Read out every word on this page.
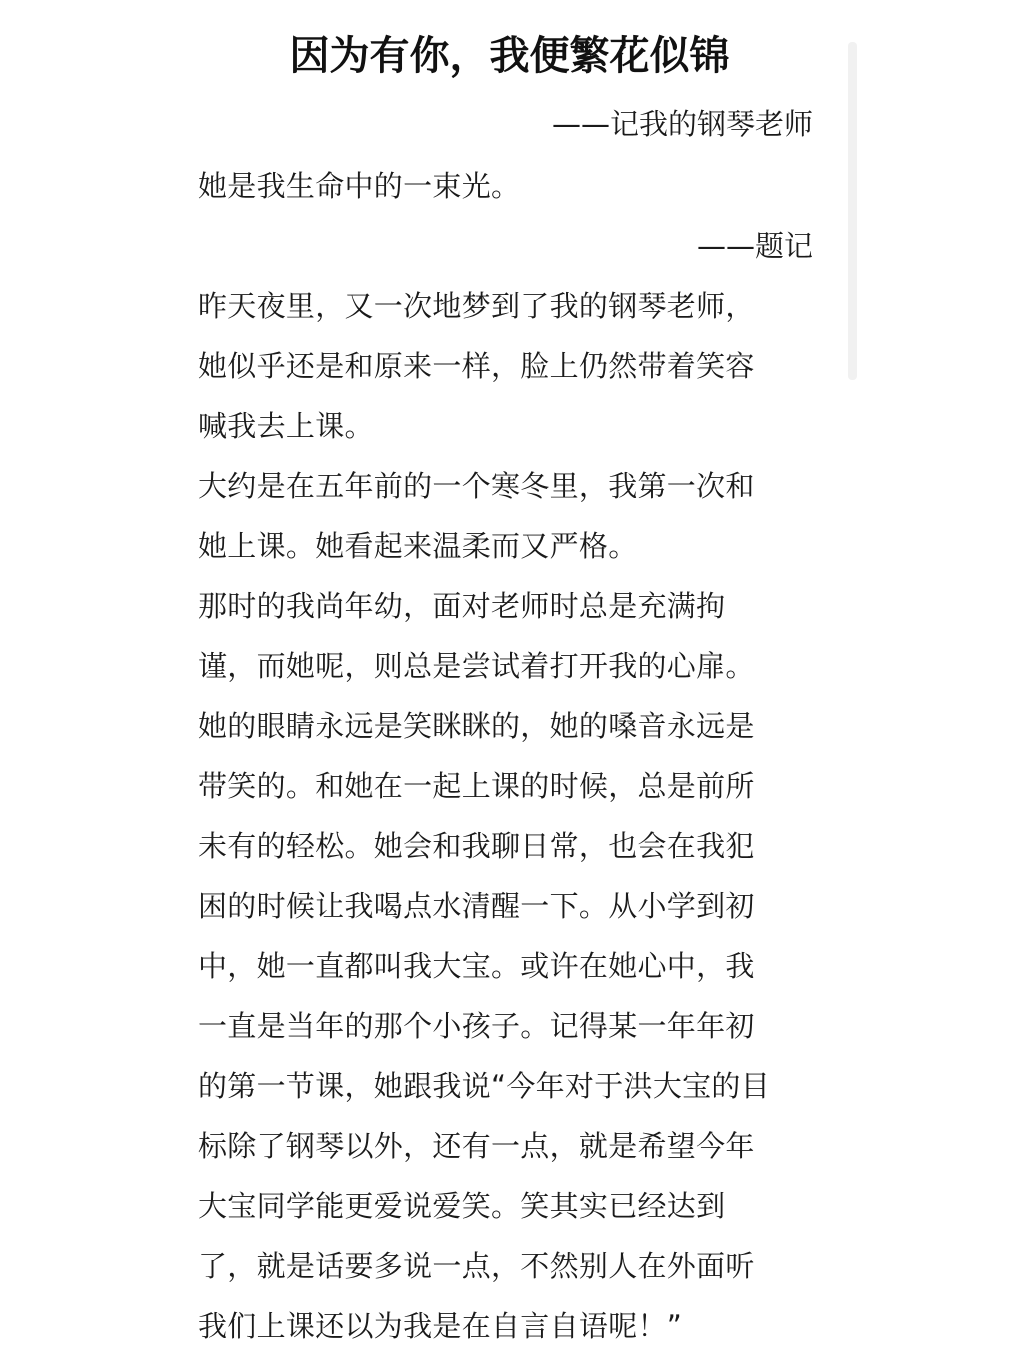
因为有你，我便繁花似锦
——记我的钢琴老师
她是我生命中的一束光。
——题记
昨天夜里，又一次地梦到了我的钢琴老师，
她似乎还是和原来一样，脸上仍然带着笑容
喊我去上课。
大约是在五年前的一个寒冬里，我第一次和
她上课。她看起来温柔而又严格。
那时的我尚年幼，面对老师时总是充满拘
谨，而她呢，则总是尝试着打开我的心扉。
她的眼睛永远是笑眯眯的，她的嗓音永远是
带笑的。和她在一起上课的时候，总是前所
未有的轻松。她会和我聊日常，也会在我犯
困的时候让我喝点水清醒一下。从小学到初
中，她一直都叫我大宝。或许在她心中，我
一直是当年的那个小孩子。记得某一年年初
的第一节课，她跟我说“今年对于洪大宝的目
标除了钢琴以外，还有一点，就是希望今年
大宝同学能更爱说爱笑。笑其实已经达到
了，就是话要多说一点，不然别人在外面听
我们上课还以为我是在自言自语呢！”
